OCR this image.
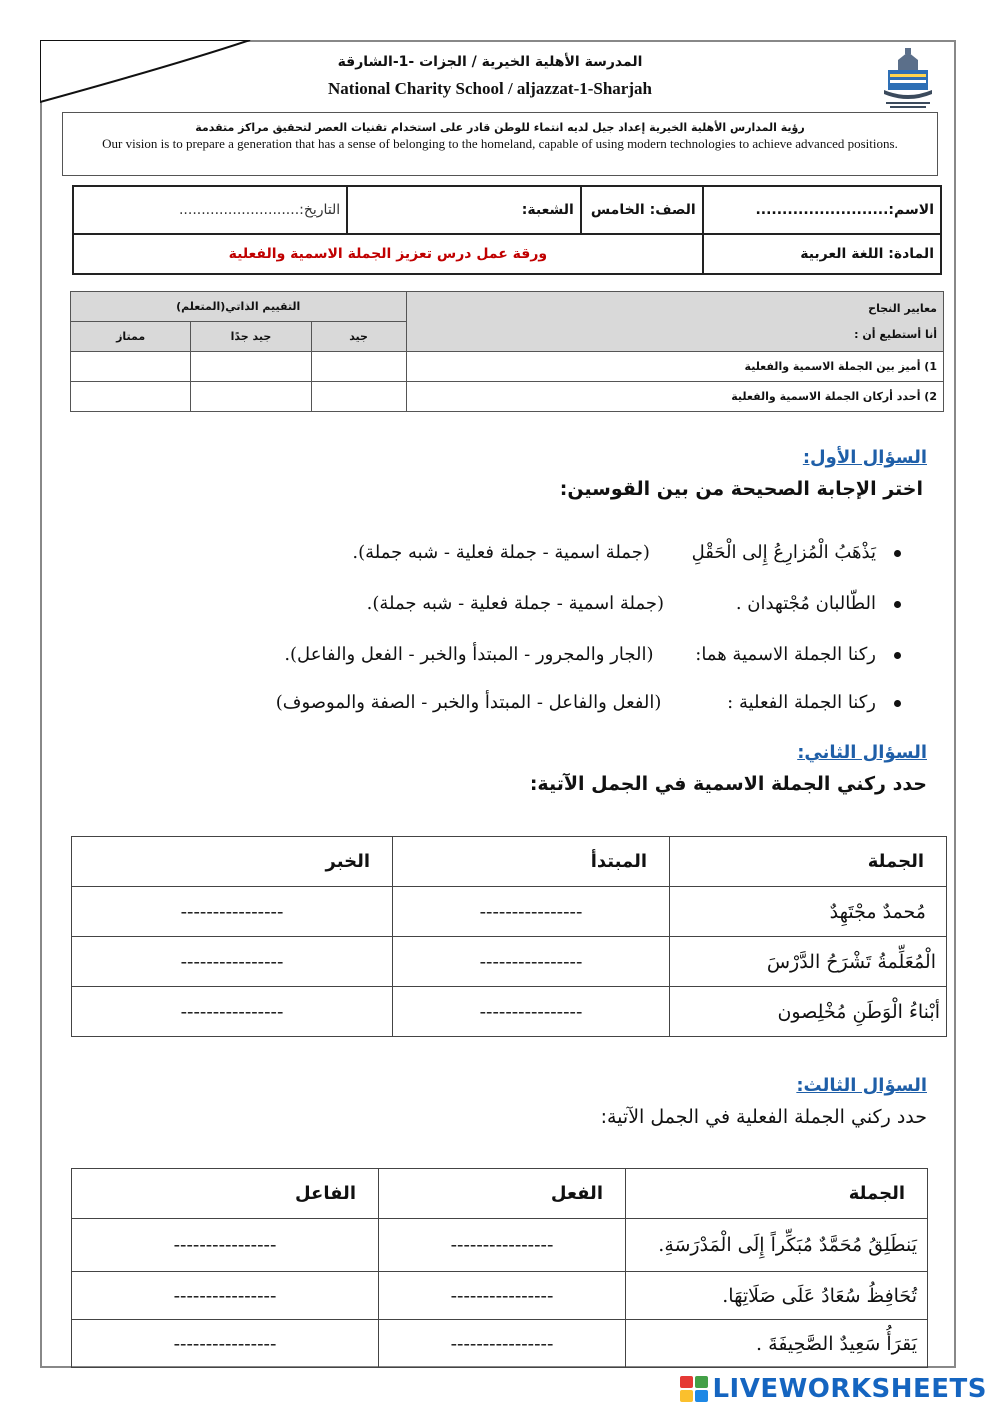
المدرسة الأهلية الخيرية / الجزات -1-الشارقة
National Charity School / aljazzat-1-Sharjah
رؤية المدارس الأهلية الخيرية إعداد جيل لديه انتماء للوطن قادر على استخدام تقنيات العصر لتحقيق مراكز متقدمة
Our vision is to prepare a generation that has a sense of belonging to the homeland, capable of using modern technologies to achieve advanced positions.
التاريخ:...........................	الشعبة:	الصف: الخامس	الاسم:.........................
ورقة عمل درس تعزيز الجملة الاسمية والفعلية			المادة: اللغة العربية
التقييم الذاتي(المتعلم)			معايير النجاح
أنا أستطيع أن :

ممتاز	جيد جدًا	جيد	
			1) أميز بين الجملة الاسمية والفعلية
			2) أحدد أركان الجملة الاسمية والفعلية
السؤال الأول:
اختر الإجابة الصحيحة من بين القوسين:
يَذْهَبُ الْمُزارِعُ إِلى الْحَقْلِ (جملة اسمية - جملة فعلية - شبه جملة).
الطّالبان مُجْتهدان . (جملة اسمية - جملة فعلية - شبه جملة).
ركنا الجملة الاسمية هما: (الجار والمجرور - المبتدأ والخبر - الفعل والفاعل).
ركنا الجملة الفعلية : (الفعل والفاعل - المبتدأ والخبر - الصفة والموصوف)
السؤال الثاني:
حدد ركني الجملة الاسمية في الجمل الآتية:
الخبر	المبتدأ	الجملة
----------------	----------------	مُحمدٌ مجْتَهِدٌ
----------------	----------------	الْمُعَلِّمةُ تَشْرَحُ الدَّرْسَ
----------------	----------------	أبْناءُ الْوَطَنِ مُخْلِصون
السؤال الثالث:
حدد ركني الجملة الفعلية في الجمل الآتية:
الفاعل	الفعل	الجملة
----------------	----------------	يَنطَلِقُ مُحَمَّدٌ مُبَكِّراً إِلَى الْمَدْرَسَةِ.
----------------	----------------	تُحَافِظُ سُعَادُ عَلَى صَلَاتِهَا.
----------------	----------------	يَقرَأُ سَعِيدٌ الصَّحِيفَةَ .
LIVEWORKSHEETS
